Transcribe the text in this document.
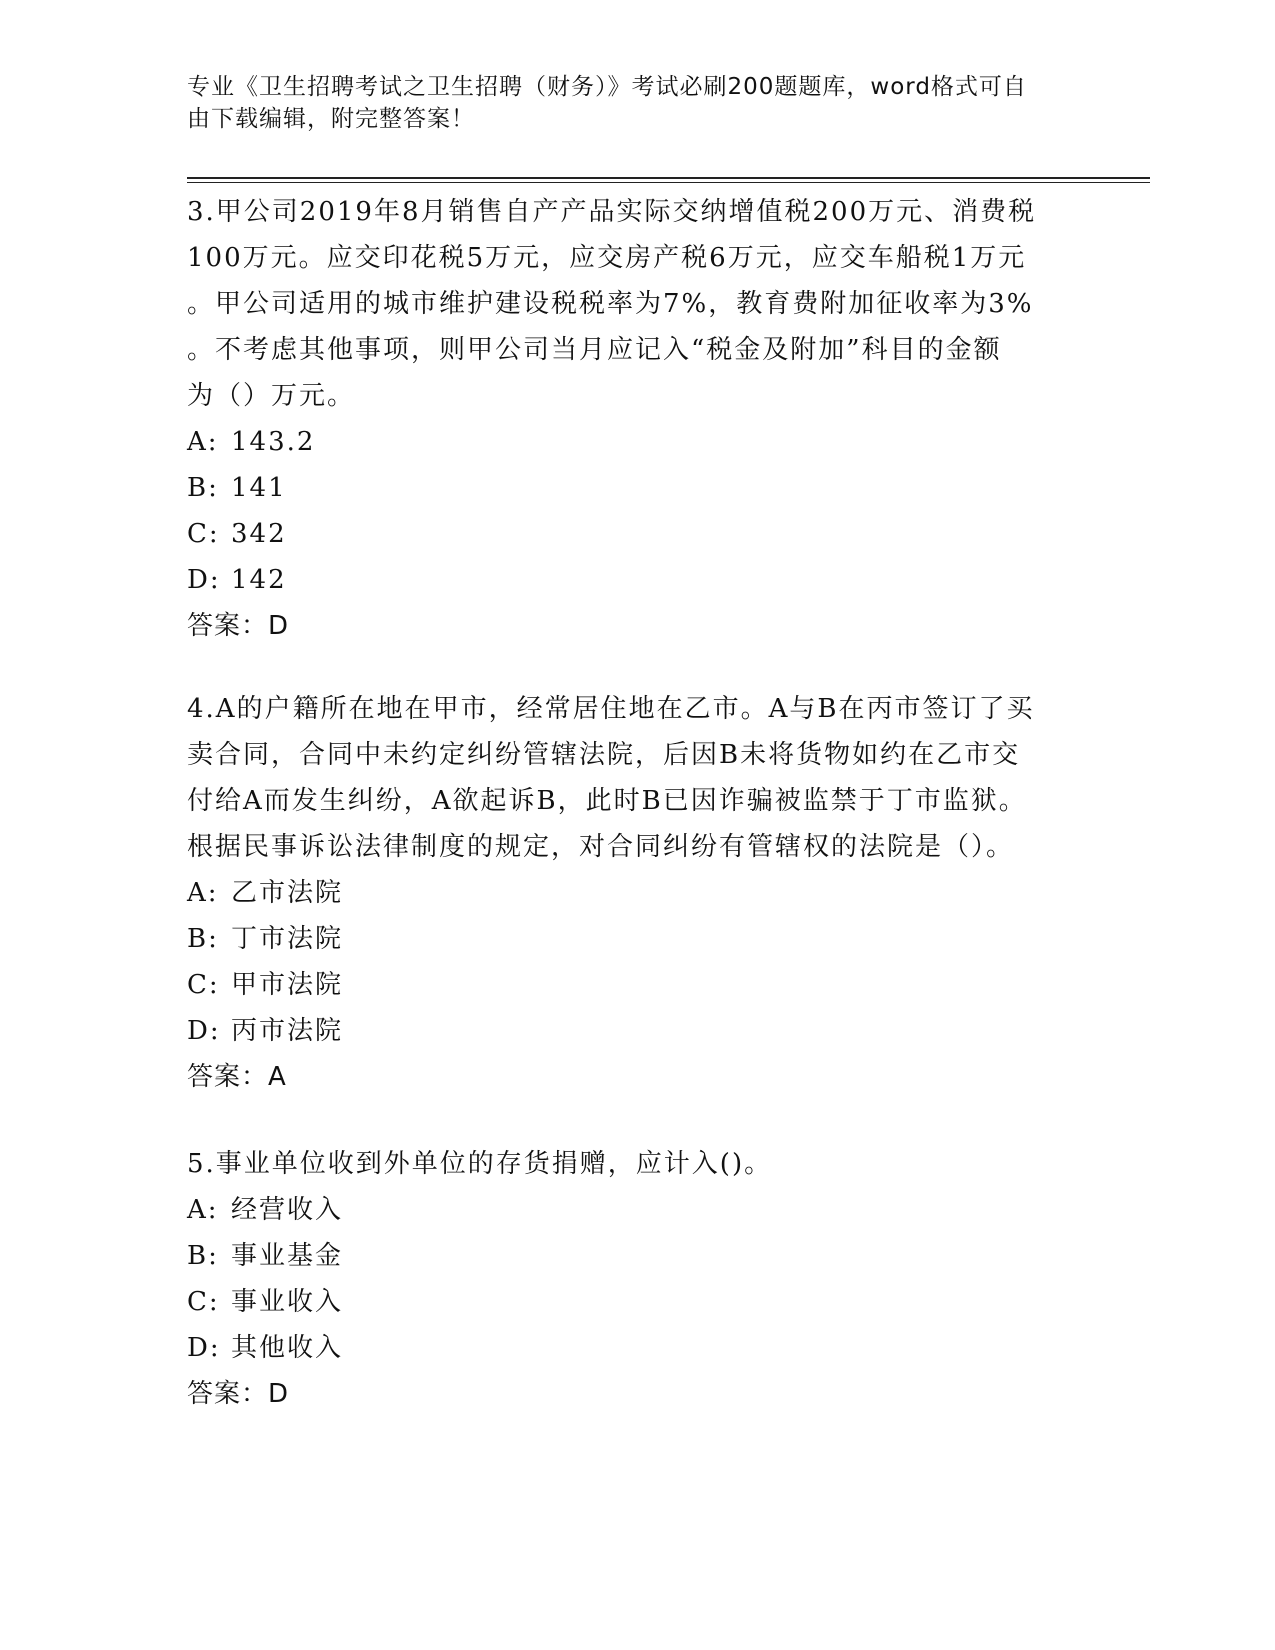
专业《卫生招聘考试之卫生招聘（财务）》考试必刷200题题库，word格式可自
由下载编辑，附完整答案！

3.甲公司2019年8月销售自产产品实际交纳增值税200万元、消费税

100万元。应交印花税5万元，应交房产税6万元，应交车船税1万元

。甲公司适用的城市维护建设税税率为7%，教育费附加征收率为3%

。不考虑其他事项，则甲公司当月应记入“税金及附加”科目的金额

为（）万元。

A: 143.2

B: 141

C: 342

D: 142

答案：D

4.A的户籍所在地在甲市，经常居住地在乙市。A与B在丙市签订了买

卖合同，合同中未约定纠纷管辖法院，后因B未将货物如约在乙市交

付给A而发生纠纷，A欲起诉B，此时B已因诈骗被监禁于丁市监狱。

根据民事诉讼法律制度的规定，对合同纠纷有管辖权的法院是（）。

A: 乙市法院

B: 丁市法院

C: 甲市法院

D: 丙市法院

答案：A

5.事业单位收到外单位的存货捐赠，应计入()。

A: 经营收入

B: 事业基金

C: 事业收入

D: 其他收入

答案：D
